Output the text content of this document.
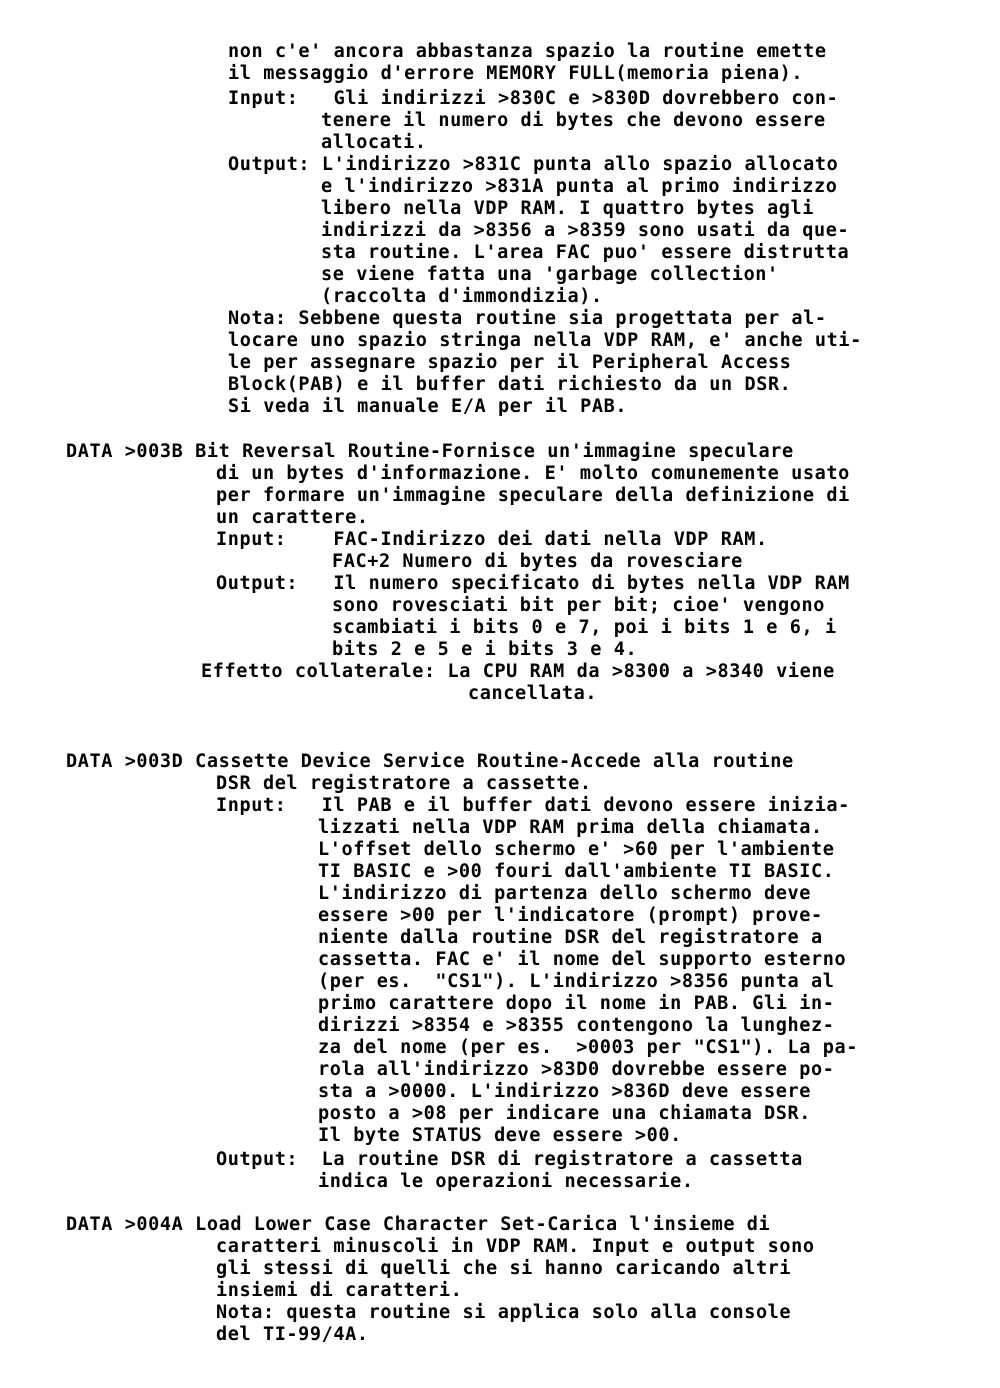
non c'e' ancora abbastanza spazio la routine emette
il messaggio d'errore MEMORY FULL(memoria piena).
Input:   Gli indirizzi >830C e >830D dovrebbero con-
tenere il numero di bytes che devono essere
allocati.
Output: L'indirizzo >831C punta allo spazio allocato
e l'indirizzo >831A punta al primo indirizzo
libero nella VDP RAM. I quattro bytes agli
indirizzi da >8356 a >8359 sono usati da que-
sta routine. L'area FAC puo' essere distrutta
se viene fatta una 'garbage collection'
(raccolta d'immondizia).
Nota: Sebbene questa routine sia progettata per al-
locare uno spazio stringa nella VDP RAM, e' anche uti-
le per assegnare spazio per il Peripheral Access
Block(PAB) e il buffer dati richiesto da un DSR.
Si veda il manuale E/A per il PAB.
DATA >003B Bit Reversal Routine-Fornisce un'immagine speculare
di un bytes d'informazione. E' molto comunemente usato
per formare un'immagine speculare della definizione di
un carattere.
Input:    FAC-Indirizzo dei dati nella VDP RAM.
FAC+2 Numero di bytes da rovesciare
Output:   Il numero specificato di bytes nella VDP RAM
sono rovesciati bit per bit; cioe' vengono
scambiati i bits 0 e 7, poi i bits 1 e 6, i
bits 2 e 5 e i bits 3 e 4.
Effetto collaterale: La CPU RAM da >8300 a >8340 viene
cancellata.
DATA >003D Cassette Device Service Routine-Accede alla routine
DSR del registratore a cassette.
Input:   Il PAB e il buffer dati devono essere inizia-
lizzati nella VDP RAM prima della chiamata.
L'offset dello schermo e' >60 per l'ambiente
TI BASIC e >00 fouri dall'ambiente TI BASIC.
L'indirizzo di partenza dello schermo deve
essere >00 per l'indicatore (prompt) prove-
niente dalla routine DSR del registratore a
cassetta. FAC e' il nome del supporto esterno
(per es.  "CS1"). L'indirizzo >8356 punta al
primo carattere dopo il nome in PAB. Gli in-
dirizzi >8354 e >8355 contengono la lunghez-
za del nome (per es.  >0003 per "CS1"). La pa-
rola all'indirizzo >83D0 dovrebbe essere po-
sta a >0000. L'indirizzo >836D deve essere
posto a >08 per indicare una chiamata DSR.
Il byte STATUS deve essere >00.
Output:  La routine DSR di registratore a cassetta
indica le operazioni necessarie.
DATA >004A Load Lower Case Character Set-Carica l'insieme di
caratteri minuscoli in VDP RAM. Input e output sono
gli stessi di quelli che si hanno caricando altri
insiemi di caratteri.
Nota: questa routine si applica solo alla console
del TI-99/4A.
